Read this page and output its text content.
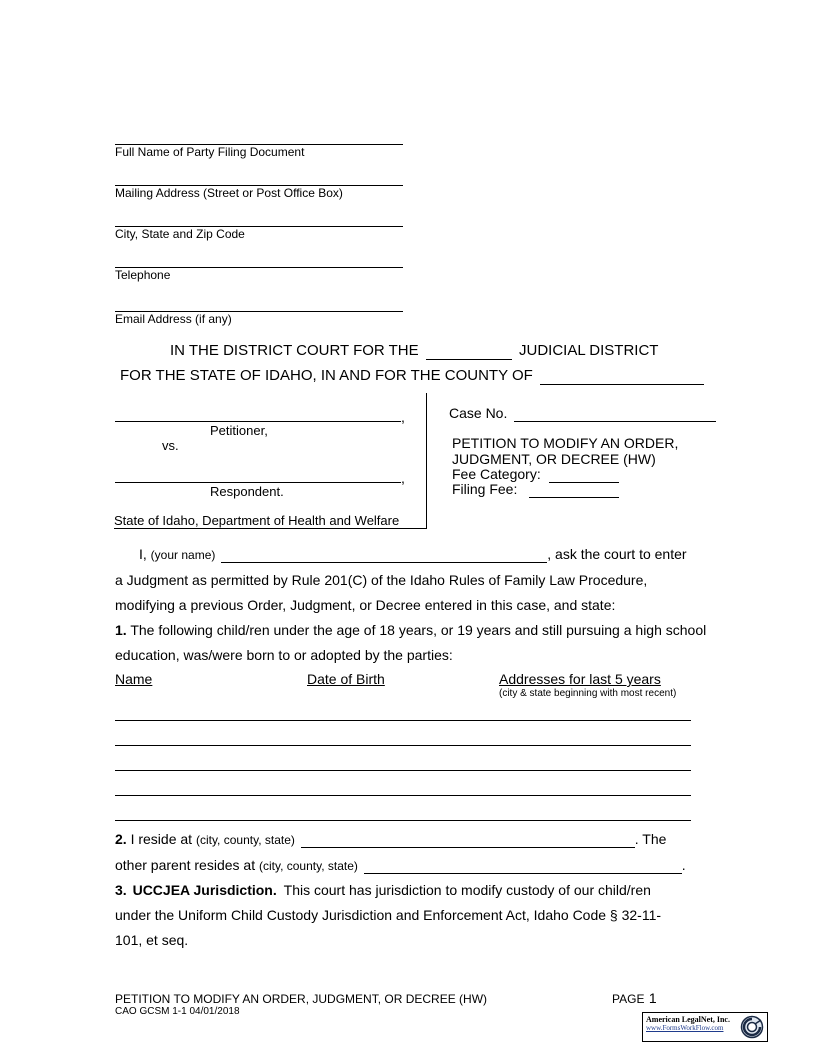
Full Name of Party Filing Document
Mailing Address (Street or Post Office Box)
City, State and Zip Code
Telephone
Email Address (if any)
IN THE DISTRICT COURT FOR THE	JUDICIAL DISTRICT
FOR THE STATE OF IDAHO, IN AND FOR THE COUNTY OF
,
Petitioner,
vs.
,
Respondent.
State of Idaho, Department of Health and Welfare
Case No.
PETITION TO MODIFY AN ORDER,
JUDGMENT, OR DECREE (HW)
Fee Category:
Filing Fee:
I, (your name)	, ask the court to enter
a Judgment as permitted by Rule 201(C) of the Idaho Rules of Family Law Procedure,
modifying a previous Order, Judgment, or Decree entered in this case, and state:
1. The following child/ren under the age of 18 years, or 19 years and still pursuing a high school
education, was/were born to or adopted by the parties:
Name	Date of Birth	Addresses for last 5 years
(city & state beginning with most recent)
2. I reside at (city, county, state)	. The
other parent resides at (city, county, state)	.
3. UCCJEA Jurisdiction. This court has jurisdiction to modify custody of our child/ren
under the Uniform Child Custody Jurisdiction and Enforcement Act, Idaho Code § 32-11-
101, et seq.
PETITION TO MODIFY AN ORDER, JUDGMENT, OR DECREE (HW)
CAO GCSM 1-1 04/01/2018
PAGE 1
American LegalNet, Inc.
www.FormsWorkFlow.com
